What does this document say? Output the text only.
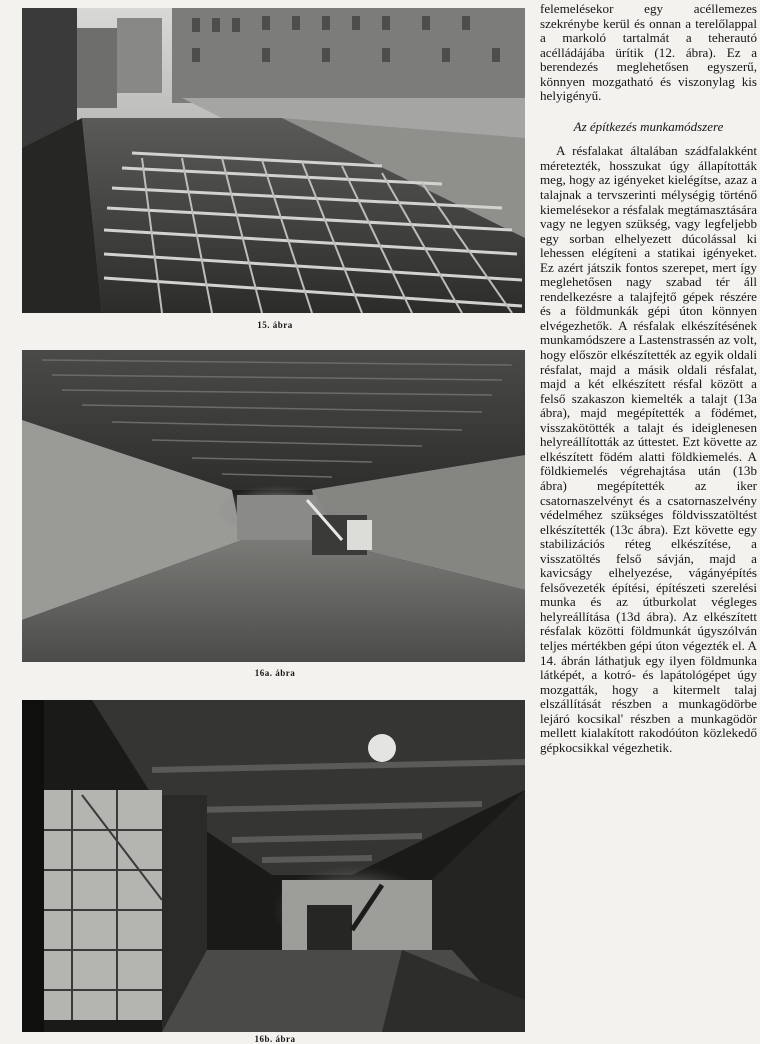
15. ábra
16a. ábra
16b. ábra

felemelésekor egy acéllemezes szekrénybe kerül és onnan a terelőlappal a markoló tartalmát a teherautó acélládájába ürítik (12. ábra). Ez a berendezés meglehetősen egyszerű, könnyen mozgatható és viszonylag kis helyigényű.

Az építkezés munkamódszere

A résfalakat általában szádfalakként méretezték, hosszukat úgy állapították meg, hogy az igényeket kielégítse, azaz a talajnak a tervszerinti mélységig történő kiemelésekor a résfalak megtámasztására vagy ne legyen szükség, vagy legfeljebb egy sorban elhelyezett dúcolással ki lehessen elégíteni a statikai igényeket. Ez azért játszik fontos szerepet, mert így meglehetősen nagy szabad tér áll rendelkezésre a talajfejtő gépek részére és a földmunkák gépi úton könnyen elvégezhetők. A résfalak elkészítésének munkamódszere a Lastenstrassén az volt, hogy először elkészítették az egyik oldali résfalat, majd a másik oldali résfalat, majd a két elkészített résfal között a felső szakaszon kiemelték a talajt (13a ábra), majd megépítették a födémet, visszakötötték a talajt és ideiglenesen helyreállították az úttestet. Ezt követte az elkészített födém alatti földkiemelés. A földkiemelés végrehajtása után (13b ábra) megépítették az iker csatornaszelvényt és a csatornaszelvény védelméhez szükséges földvisszatöltést elkészítették (13c ábra). Ezt követte egy stabilizációs réteg elkészítése, a visszatöltés felső sávján, majd a kavicságy elhelyezése, vágányépítés felsővezeték építési, építészeti szerelési munka és az útburkolat végleges helyreállítása (13d ábra). Az elkészített résfalak közötti földmunkát úgyszólván teljes mértékben gépi úton végezték el. A 14. ábrán láthatjuk egy ilyen földmunka látképét, a kotró- és lapátológépet úgy mozgatták, hogy a kitermelt talaj elszállítását részben a munkagödörbe lejáró kocsikal' részben a munkagödör mellett kialakított rakodóúton közlekedő gépkocsikkal végezhetik.
